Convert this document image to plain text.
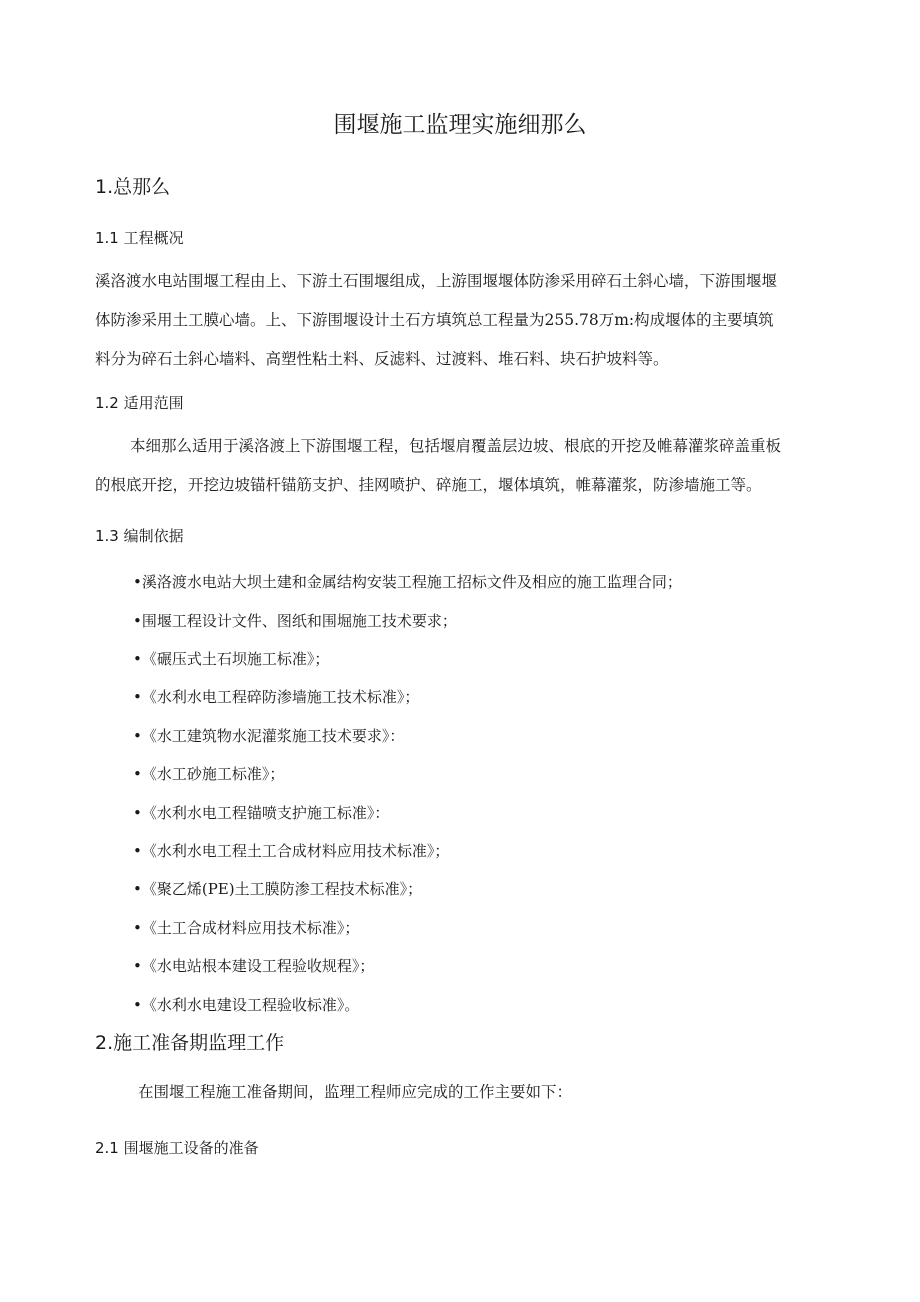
围堰施工监理实施细那么
1.总那么
1.1 工程概况
溪洛渡水电站围堰工程由上、下游土石围堰组成，上游围堰堰体防渗采用碎石土斜心墙，下游围堰堰
体防渗采用土工膜心墙。上、下游围堰设计土石方填筑总工程量为255.78万m:构成堰体的主要填筑
料分为碎石土斜心墙料、高塑性粘土料、反滤料、过渡料、堆石料、块石护坡料等。
1.2 适用范围
本细那么适用于溪洛渡上下游围堰工程，包括堰肩覆盖层边坡、根底的开挖及帷幕灌浆碎盖重板
的根底开挖，开挖边坡锚杆锚筋支护、挂网喷护、碎施工，堰体填筑，帷幕灌浆，防渗墙施工等。
1.3 编制依据
•溪洛渡水电站大坝土建和金属结构安装工程施工招标文件及相应的施工监理合同；
•围堰工程设计文件、图纸和围堀施工技术要求；
•《碾压式土石坝施工标准》；
•《水利水电工程碎防渗墙施工技术标准》；
•《水工建筑物水泥灌浆施工技术要求》：
•《水工砂施工标准》；
•《水利水电工程锚喷支护施工标准》：
•《水利水电工程土工合成材料应用技术标准》；
•《聚乙烯(PE)土工膜防渗工程技术标准》；
•《土工合成材料应用技术标准》；
•《水电站根本建设工程验收规程》；
•《水利水电建设工程验收标准》。
2.施工准备期监理工作
在围堰工程施工准备期间，监理工程师应完成的工作主要如下：
2.1 围堰施工设备的准备
